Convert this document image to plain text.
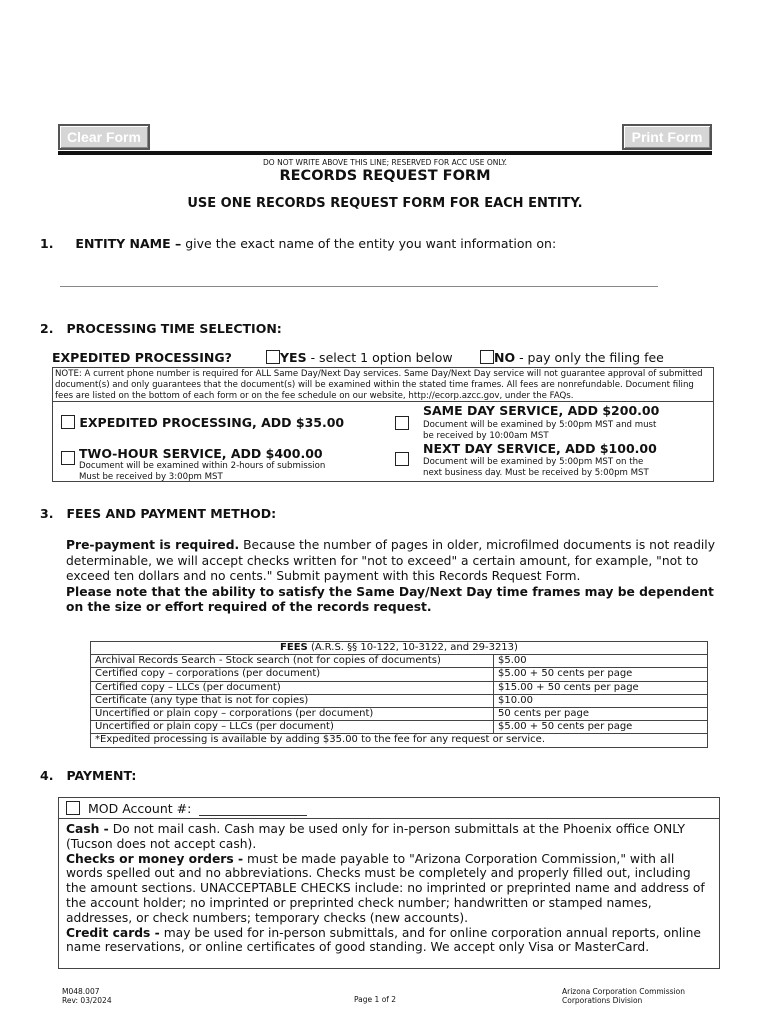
Clear Form	Print Form
DO NOT WRITE ABOVE THIS LINE; RESERVED FOR ACC USE ONLY.
RECORDS REQUEST FORM
USE ONE RECORDS REQUEST FORM FOR EACH ENTITY.
1. ENTITY NAME – give the exact name of the entity you want information on:
2. PROCESSING TIME SELECTION:
EXPEDITED PROCESSING?	YES - select 1 option below	NO - pay only the filing fee
NOTE: A current phone number is required for ALL Same Day/Next Day services. Same Day/Next Day service will not guarantee approval of submitted document(s) and only guarantees that the document(s) will be examined within the stated time frames. All fees are nonrefundable. Document filing fees are listed on the bottom of each form or on the fee schedule on our website, http://ecorp.azcc.gov, under the FAQs.
EXPEDITED PROCESSING, ADD $35.00
TWO-HOUR SERVICE, ADD $400.00
Document will be examined within 2-hours of submission
Must be received by 3:00pm MST
SAME DAY SERVICE, ADD $200.00
Document will be examined by 5:00pm MST and must
be received by 10:00am MST
NEXT DAY SERVICE, ADD $100.00
Document will be examined by 5:00pm MST on the
next business day. Must be received by 5:00pm MST
3. FEES AND PAYMENT METHOD:
Pre-payment is required. Because the number of pages in older, microfilmed documents is not readily determinable, we will accept checks written for "not to exceed" a certain amount, for example, "not to exceed ten dollars and no cents." Submit payment with this Records Request Form.
Please note that the ability to satisfy the Same Day/Next Day time frames may be dependent on the size or effort required of the records request.
FEES (A.R.S. §§ 10-122, 10-3122, and 29-3213)	
Archival Records Search - Stock search (not for copies of documents)	$5.00
Certified copy – corporations (per document)	$5.00 + 50 cents per page
Certified copy – LLCs (per document)	$15.00 + 50 cents per page
Certificate (any type that is not for copies)	$10.00
Uncertified or plain copy – corporations (per document)	50 cents per page
Uncertified or plain copy – LLCs (per document)	$5.00 + 50 cents per page
*Expedited processing is available by adding $35.00 to the fee for any request or service.	
4. PAYMENT:
MOD Account #:
Cash - Do not mail cash. Cash may be used only for in-person submittals at the Phoenix office ONLY (Tucson does not accept cash).
Checks or money orders - must be made payable to "Arizona Corporation Commission," with all words spelled out and no abbreviations. Checks must be completely and properly filled out, including the amount sections. UNACCEPTABLE CHECKS include: no imprinted or preprinted name and address of the account holder; no imprinted or preprinted check number; handwritten or stamped names, addresses, or check numbers; temporary checks (new accounts).
Credit cards - may be used for in-person submittals, and for online corporation annual reports, online name reservations, or online certificates of good standing. We accept only Visa or MasterCard.
M048.007
Rev: 03/2024	Page 1 of 2
Arizona Corporation Commission
Corporations Division
